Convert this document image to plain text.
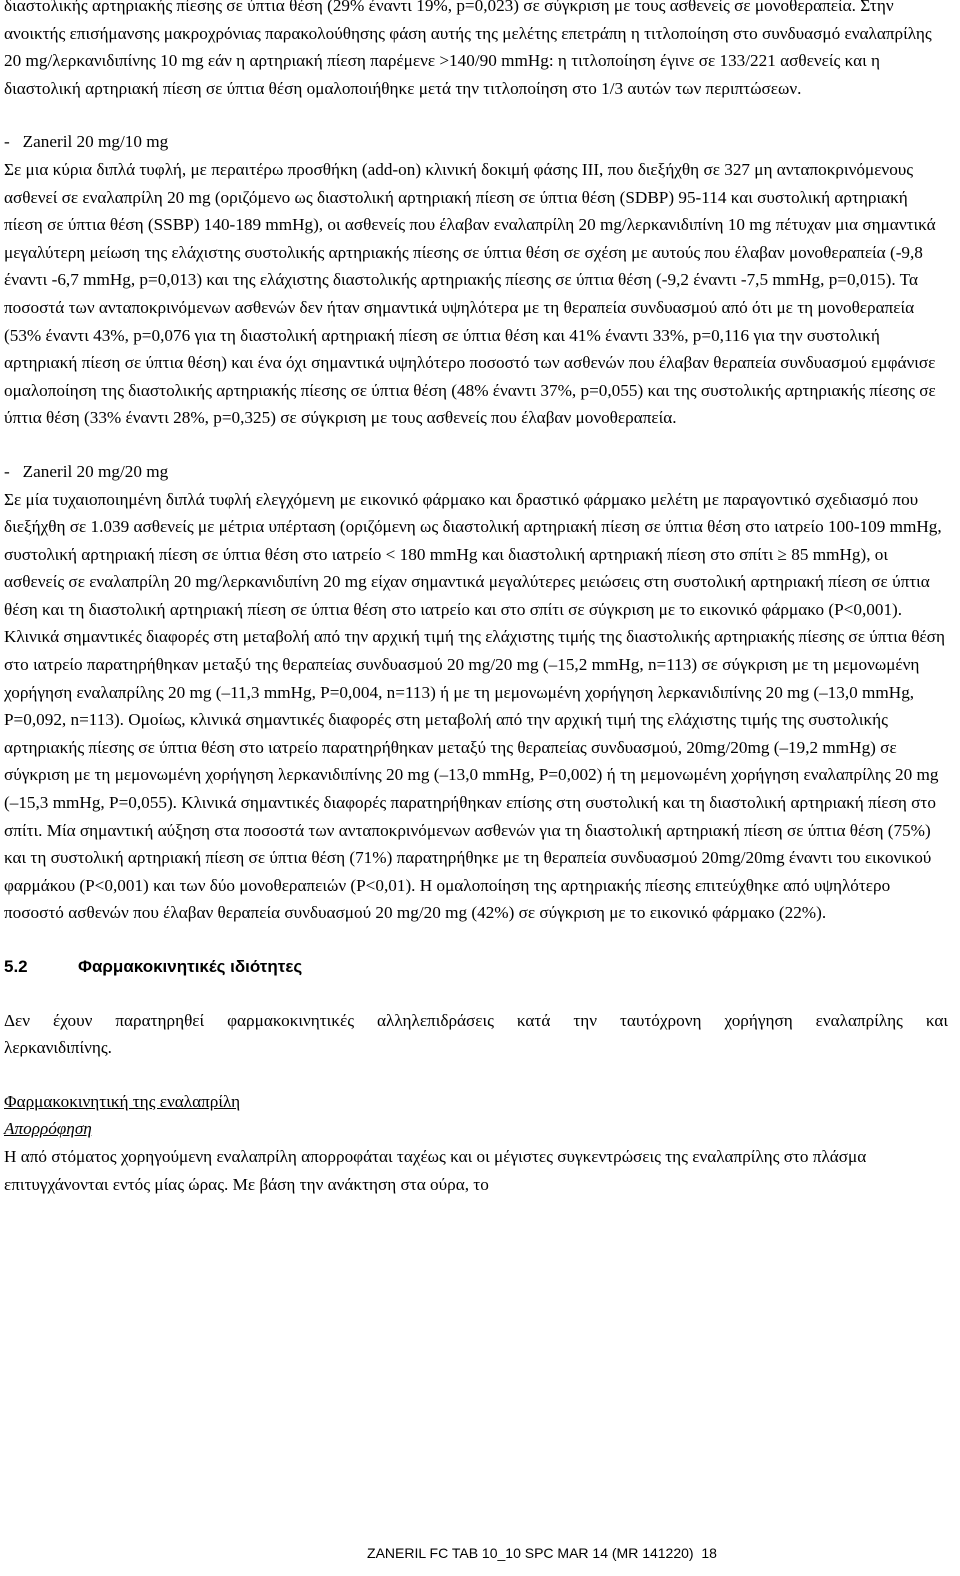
διαστολικής αρτηριακής πίεσης σε ύπτια θέση (29% έναντι 19%, p=0,023) σε σύγκριση με τους ασθενείς σε μονοθεραπεία. Στην ανοικτής επισήμανσης μακροχρόνιας παρακολούθησης φάση αυτής της μελέτης επετράπη η τιτλοποίηση στο συνδυασμό εναλαπρίλης 20 mg/λερκανιδιπίνης 10 mg εάν η αρτηριακή πίεση παρέμενε >140/90 mmHg: η τιτλοποίηση έγινε σε 133/221 ασθενείς και η διαστολική αρτηριακή πίεση σε ύπτια θέση ομαλοποιήθηκε μετά την τιτλοποίηση στο 1/3 αυτών των περιπτώσεων.

-   Zaneril 20 mg/10 mg

Σε μια κύρια διπλά τυφλή, με περαιτέρω προσθήκη (add-on) κλινική δοκιμή φάσης ΙΙΙ, που διεξήχθη σε 327 μη ανταποκρινόμενους ασθενεί σε εναλαπρίλη 20 mg (οριζόμενο ως διαστολική αρτηριακή πίεση σε ύπτια θέση (SDBP) 95-114 και συστολική αρτηριακή πίεση σε ύπτια θέση (SSBP) 140-189 mmHg), οι ασθενείς που έλαβαν εναλαπρίλη 20 mg/λερκανιδιπίνη 10 mg πέτυχαν μια σημαντικά μεγαλύτερη μείωση της ελάχιστης συστολικής αρτηριακής πίεσης σε ύπτια θέση σε σχέση με αυτούς που έλαβαν μονοθεραπεία (-9,8 έναντι -6,7 mmHg, p=0,013) και της ελάχιστης διαστολικής αρτηριακής πίεσης σε ύπτια θέση (-9,2 έναντι -7,5 mmHg, p=0,015). Τα ποσοστά των ανταποκρινόμενων ασθενών δεν ήταν σημαντικά υψηλότερα με τη θεραπεία συνδυασμού από ότι με τη μονοθεραπεία (53% έναντι 43%, p=0,076 για τη διαστολική αρτηριακή πίεση σε ύπτια θέση και 41% έναντι 33%, p=0,116 για την συστολική αρτηριακή πίεση σε ύπτια θέση) και ένα όχι σημαντικά υψηλότερο ποσοστό των ασθενών που έλαβαν θεραπεία συνδυασμού εμφάνισε ομαλοποίηση της διαστολικής αρτηριακής πίεσης σε ύπτια θέση (48% έναντι 37%, p=0,055) και της συστολικής αρτηριακής πίεσης σε ύπτια θέση (33% έναντι 28%, p=0,325) σε σύγκριση με τους ασθενείς που έλαβαν μονοθεραπεία.

-   Zaneril 20 mg/20 mg

Σε μία τυχαιοποιημένη διπλά τυφλή ελεγχόμενη με εικονικό φάρμακο και δραστικό φάρμακο μελέτη με παραγοντικό σχεδιασμό που διεξήχθη σε 1.039 ασθενείς με μέτρια υπέρταση (οριζόμενη ως διαστολική αρτηριακή πίεση σε ύπτια θέση στο ιατρείο 100-109 mmHg, συστολική αρτηριακή πίεση σε ύπτια θέση στο ιατρείο < 180 mmHg και διαστολική αρτηριακή πίεση στο σπίτι ≥ 85 mmHg), οι ασθενείς σε εναλαπρίλη 20 mg/λερκανιδιπίνη 20 mg είχαν σημαντικά μεγαλύτερες μειώσεις στη συστολική αρτηριακή πίεση σε ύπτια θέση και τη διαστολική αρτηριακή πίεση σε ύπτια θέση στο ιατρείο και στο σπίτι σε σύγκριση με το εικονικό φάρμακο (P<0,001). Κλινικά σημαντικές διαφορές στη μεταβολή από την αρχική τιμή της ελάχιστης τιμής της διαστολικής αρτηριακής πίεσης σε ύπτια θέση στο ιατρείο παρατηρήθηκαν μεταξύ της θεραπείας συνδυασμού 20 mg/20 mg (–15,2 mmHg, n=113) σε σύγκριση με τη μεμονωμένη χορήγηση εναλαπρίλης 20 mg (–11,3 mmHg, P=0,004, n=113) ή με τη μεμονωμένη χορήγηση λερκανιδιπίνης 20 mg (–13,0 mmHg, P=0,092, n=113). Ομοίως, κλινικά σημαντικές διαφορές στη μεταβολή από την αρχική τιμή της ελάχιστης τιμής της συστολικής αρτηριακής πίεσης σε ύπτια θέση στο ιατρείο παρατηρήθηκαν μεταξύ της θεραπείας συνδυασμού, 20mg/20mg (–19,2 mmHg) σε σύγκριση με τη μεμονωμένη χορήγηση λερκανιδιπίνης 20 mg (–13,0 mmHg, P=0,002) ή τη μεμονωμένη χορήγηση εναλαπρίλης 20 mg (–15,3 mmHg, P=0,055). Κλινικά σημαντικές διαφορές παρατηρήθηκαν επίσης στη συστολική και τη διαστολική αρτηριακή πίεση στο σπίτι. Μία σημαντική αύξηση στα ποσοστά των ανταποκρινόμενων ασθενών για τη διαστολική αρτηριακή πίεση σε ύπτια θέση (75%) και τη συστολική αρτηριακή πίεση σε ύπτια θέση (71%) παρατηρήθηκε με τη θεραπεία συνδυασμού 20mg/20mg έναντι του εικονικού φαρμάκου (P<0,001) και των δύο μονοθεραπειών (P<0,01). Η ομαλοποίηση της αρτηριακής πίεσης επιτεύχθηκε από υψηλότερο ποσοστό ασθενών που έλαβαν θεραπεία συνδυασμού 20 mg/20 mg (42%) σε σύγκριση με το εικονικό φάρμακο (22%).

5.2	Φαρμακοκινητικές ιδιότητες

Δεν έχουν παρατηρηθεί φαρμακοκινητικές αλληλεπιδράσεις κατά την ταυτόχρονη χορήγηση εναλαπρίλης και λερκανιδιπίνης.

Φαρμακοκινητική της εναλαπρίλη

Απορρόφηση

Η από στόματος χορηγούμενη εναλαπρίλη απορροφάται ταχέως και οι μέγιστες συγκεντρώσεις της εναλαπρίλης στο πλάσμα επιτυγχάνονται εντός μίας ώρας. Με βάση την ανάκτηση στα ούρα, το

ZANERIL FC TAB 10_10 SPC MAR 14 (MR 141220)  18
